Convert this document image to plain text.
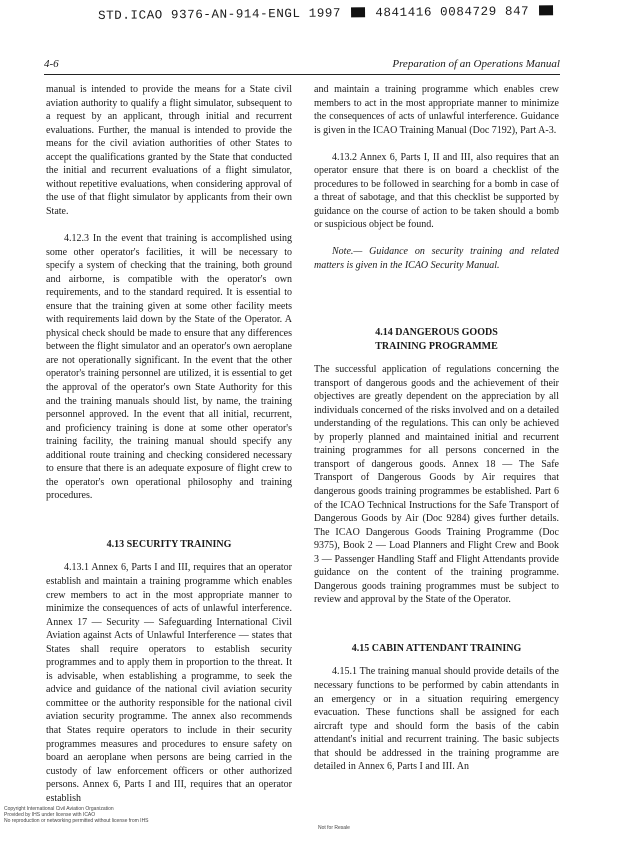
STD.ICAO 9376-AN-914-ENGL 1997	4841416 0084729 847
4-6	Preparation of an Operations Manual

manual is intended to provide the means for a State civil aviation authority to qualify a flight simulator, subsequent to a request by an applicant, through initial and recurrent evaluations. Further, the manual is intended to provide the means for the civil aviation authorities of other States to accept the qualifications granted by the State that conducted the initial and recurrent evaluations of a flight simulator, without repetitive evaluations, when considering approval of the use of that flight simulator by applicants from their own State.

4.12.3 In the event that training is accomplished using some other operator's facilities, it will be necessary to specify a system of checking that the training, both ground and airborne, is compatible with the operator's own requirements, and to the standard required. It is essential to ensure that the training given at some other facility meets with requirements laid down by the State of the Operator. A physical check should be made to ensure that any differences between the flight simulator and an operator's own aeroplane are not operationally significant. In the event that the other operator's training personnel are utilized, it is essential to get the approval of the operator's own State Authority for this and the training manuals should list, by name, the training personnel approved. In the event that all initial, recurrent, and proficiency training is done at some other operator's training facility, the training manual should specify any additional route training and checking considered necessary to ensure that there is an adequate exposure of flight crew to the operator's own operational philosophy and training procedures.

4.13 SECURITY TRAINING

4.13.1 Annex 6, Parts I and III, requires that an operator establish and maintain a training programme which enables crew members to act in the most appropriate manner to minimize the consequences of acts of unlawful interference. Annex 17 — Security — Safeguarding International Civil Aviation against Acts of Unlawful Interference — states that States shall require operators to establish security programmes and to apply them in proportion to the threat. It is advisable, when establishing a programme, to seek the advice and guidance of the national civil aviation security committee or the authority responsible for the national civil aviation security programme. The annex also recommends that States require operators to include in their security programmes measures and procedures to ensure safety on board an aeroplane when persons are being carried in the custody of law enforcement officers or other authorized persons. Annex 6, Parts I and III, requires that an operator establish

and maintain a training programme which enables crew members to act in the most appropriate manner to minimize the consequences of acts of unlawful interference. Guidance is given in the ICAO Training Manual (Doc 7192), Part A-3.

4.13.2 Annex 6, Parts I, II and III, also requires that an operator ensure that there is on board a checklist of the procedures to be followed in searching for a bomb in case of a threat of sabotage, and that this checklist be supported by guidance on the course of action to be taken should a bomb or suspicious object be found.

Note.— Guidance on security training and related matters is given in the ICAO Security Manual.

4.14 DANGEROUS GOODS
TRAINING PROGRAMME

The successful application of regulations concerning the transport of dangerous goods and the achievement of their objectives are greatly dependent on the appreciation by all individuals concerned of the risks involved and on a detailed understanding of the regulations. This can only be achieved by properly planned and maintained initial and recurrent training programmes for all persons concerned in the transport of dangerous goods. Annex 18 — The Safe Transport of Dangerous Goods by Air requires that dangerous goods training programmes be established. Part 6 of the ICAO Technical Instructions for the Safe Transport of Dangerous Goods by Air (Doc 9284) gives further details. The ICAO Dangerous Goods Training Programme (Doc 9375), Book 2 — Load Planners and Flight Crew and Book 3 — Passenger Handling Staff and Flight Attendants provide guidance on the content of the training programme. Dangerous goods training programmes must be subject to review and approval by the State of the Operator.

4.15 CABIN ATTENDANT TRAINING

4.15.1 The training manual should provide details of the necessary functions to be performed by cabin attendants in an emergency or in a situation requiring emergency evacuation. These functions shall be assigned for each aircraft type and should form the basis of the cabin attendant's initial and recurrent training. The basic subjects that should be addressed in the training programme are detailed in Annex 6, Parts I and III. An

Copyright International Civil Aviation Organization
Provided by IHS under license with ICAO
No reproduction or networking permitted without license from IHS
Not for Resale
